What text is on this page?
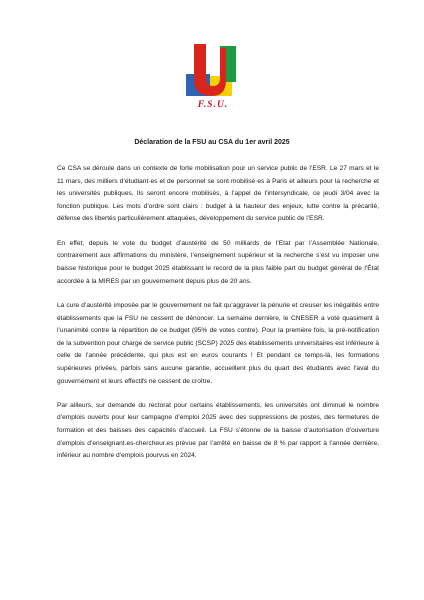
F.S.U.
Déclaration de la FSU au CSA du 1er avril 2025

Ce CSA se déroule dans un contexte de forte mobilisation pour un service public de l’ESR. Le 27 mars et le 11 mars, des milliers d’étudiant·es et de personnel se sont mobilisé·es à Paris et ailleurs pour la recherche et les universités publiques. Ils seront encore mobilisés, à l’appel de l’intersyndicale, ce jeudi 3/04 avec la fonction publique. Les mots d’ordre sont clairs : budget à la hauteur des enjeux, lutte contre la précarité, défense des libertés particulièrement attaquées, développement du service public de l’ESR.

En effet, depuis le vote du budget d’austérité de 50 milliards de l’Etat par l’Assemblée Nationale, contrairement aux affirmations du ministère, l’enseignement supérieur et la recherche s’est vu imposer une baisse historique pour le budget 2025 établissant le record de la plus faible part du budget général de l’État accordée à la MIRES par un gouvernement depuis plus de 20 ans.

La cure d’austérité imposée par le gouvernement ne fait qu’aggraver la pénurie et creuser les inégalités entre établissements que la FSU ne cessent de dénoncer. La semaine dernière, le CNESER a voté quasiment à l’unanimité contre la répartition de ce budget (95% de votes contre). Pour la première fois, la pré-notification de la subvention pour charge de service public (SCSP) 2025 des établissements universitaires est inférieure à celle de l’année précédente, qui plus est en euros courants ! Et pendant ce temps-là, les formations supérieures privées, parfois sans aucune garantie, accueillent plus du quart des étudiants avec l’aval du gouvernement et leurs effectifs ne cessent de croître.

Par ailleurs, sur demande du rectorat pour certains établissements, les universités ont diminué le nombre d’emplois ouverts pour leur campagne d’emploi 2025 avec des suppressions de postes, des fermetures de formation et des baisses des capacités d’accueil. La FSU s’étonne de la baisse d’autorisation d’ouverture d’emplois d’enseignant.es-chercheur.es prévue par l’arrêté en baisse de 8 % par rapport à l’année dernière, inférieur au nombre d’emplois pourvus en 2024.
